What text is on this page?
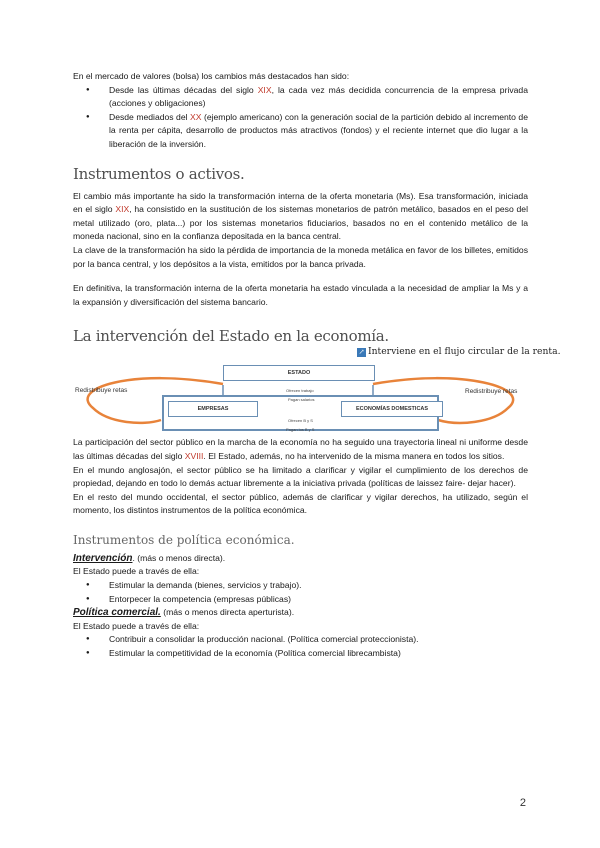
En el mercado de valores (bolsa) los cambios más destacados han sido:

● Desde las últimas décadas del siglo XIX, la cada vez más decidida concurrencia de la empresa privada (acciones y obligaciones)
● Desde mediados del XX (ejemplo americano) con la generación social de la partición debido al incremento de la renta per cápita, desarrollo de productos más atractivos (fondos) y el reciente internet que dio lugar a la liberación de la inversión.
Instrumentos o activos.

El cambio más importante ha sido la transformación interna de la oferta monetaria (Ms). Esa transformación, iniciada en el siglo XIX, ha consistido en la sustitución de los sistemas monetarios de patrón metálico, basados en el peso del metal utilizado (oro, plata...) por los sistemas monetarios fiduciarios, basados no en el contenido metálico de la moneda nacional, sino en la confianza depositada en la banca central.

La clave de la transformación ha sido la pérdida de importancia de la moneda metálica en favor de los billetes, emitidos por la banca central, y los depósitos a la vista, emitidos por la banca privada.

En definitiva, la transformación interna de la oferta monetaria ha estado vinculada a la necesidad de ampliar la Ms y a la expansión y diversificación del sistema bancario.

La intervención del Estado en la economía.
↗ Interviene en el flujo circular de la renta.
ESTADO
EMPRESAS	ECONOMÍAS DOMESTICAS
Redistribuye retas	Redistribuye retas
Ofrecen trabajo
Pagan salarios
Ofrecen B y S
Pagan los B y S

La participación del sector público en la marcha de la economía no ha seguido una trayectoria lineal ni uniforme desde las últimas décadas del siglo XVIII. El Estado, además, no ha intervenido de la misma manera en todos los sitios.

En el mundo anglosajón, el sector público se ha limitado a clarificar y vigilar el cumplimiento de los derechos de propiedad, dejando en todo lo demás actuar libremente a la iniciativa privada (políticas de laissez faire- dejar hacer).

En el resto del mundo occidental, el sector público, además de clarificar y vigilar derechos, ha utilizado, según el momento, los distintos instrumentos de la política económica.

Instrumentos de política económica.

Intervención. (más o menos directa).

El Estado puede a través de ella:

● Estimular la demanda (bienes, servicios y trabajo).
● Entorpecer la competencia (empresas públicas)

Política comercial. (más o menos directa aperturista).

El Estado puede a través de ella:

● Contribuir a consolidar la producción nacional. (Política comercial proteccionista).
● Estimular la competitividad de la economía (Política comercial librecambista)
2
